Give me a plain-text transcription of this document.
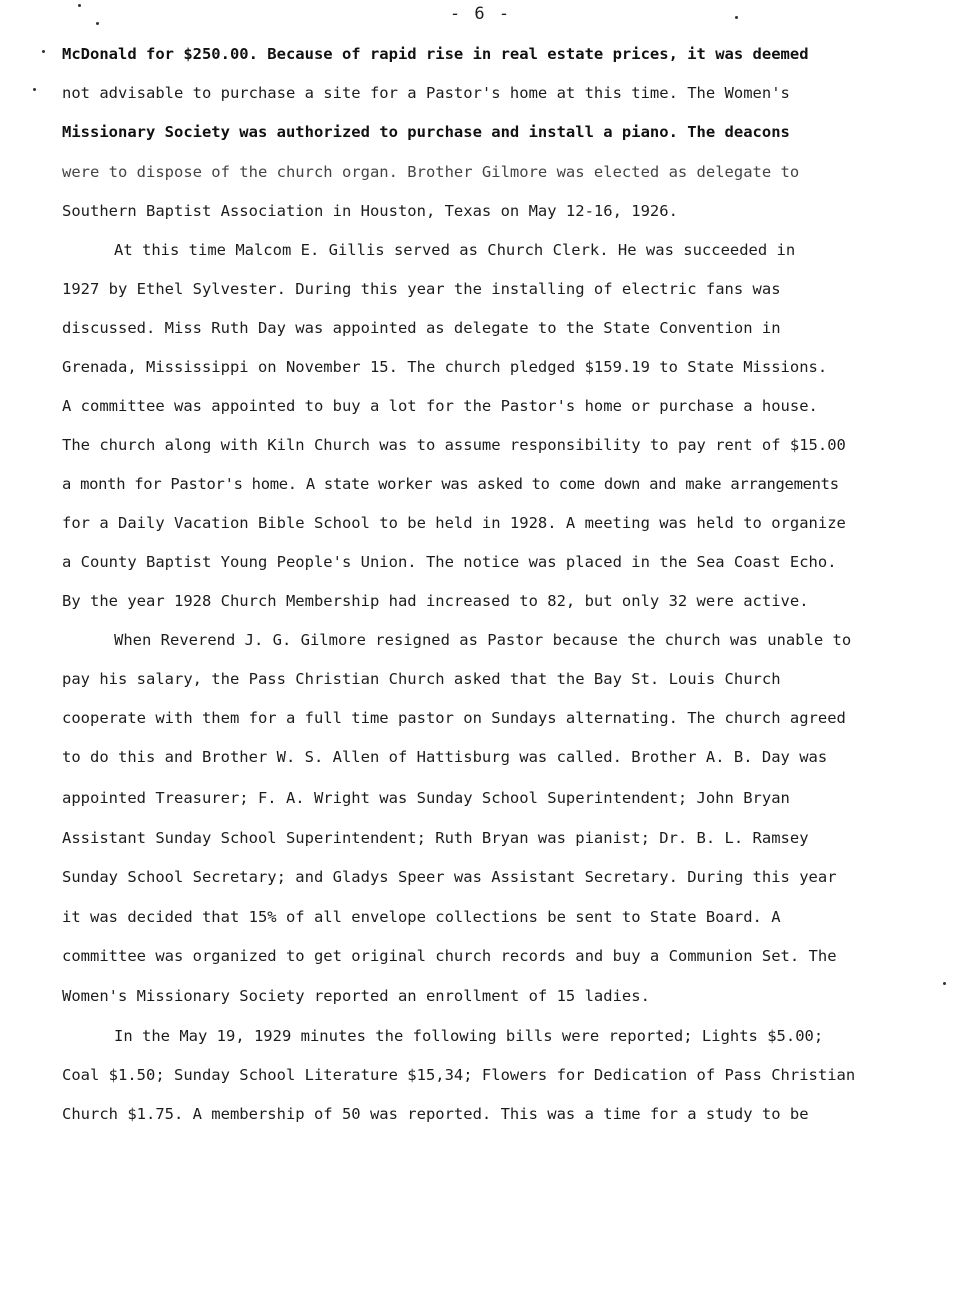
- 6 -
McDonald for $250.00. Because of rapid rise in real estate prices, it was deemed
not advisable to purchase a site for a Pastor's home at this time. The Women's
Missionary Society was authorized to purchase and install a piano. The deacons
were to dispose of the church organ. Brother Gilmore was elected as delegate to
Southern Baptist Association in Houston, Texas on May 12-16, 1926.
At this time Malcom E. Gillis served as Church Clerk. He was succeeded in
1927 by Ethel Sylvester. During this year the installing of electric fans was
discussed. Miss Ruth Day was appointed as delegate to the State Convention in
Grenada, Mississippi on November 15. The church pledged $159.19 to State Missions.
A committee was appointed to buy a lot for the Pastor's home or purchase a house.
The church along with Kiln Church was to assume responsibility to pay rent of $15.00
a month for Pastor's home. A state worker was asked to come down and make arrangements
for a Daily Vacation Bible School to be held in 1928. A meeting was held to organize
a County Baptist Young People's Union. The notice was placed in the Sea Coast Echo.
By the year 1928 Church Membership had increased to 82, but only 32 were active.
When Reverend J. G. Gilmore resigned as Pastor because the church was unable to
pay his salary, the Pass Christian Church asked that the Bay St. Louis Church
cooperate with them for a full time pastor on Sundays alternating. The church agreed
to do this and Brother W. S. Allen of Hattisburg was called. Brother A. B. Day was
appointed Treasurer; F. A. Wright was Sunday School Superintendent; John Bryan
Assistant Sunday School Superintendent; Ruth Bryan was pianist; Dr. B. L. Ramsey
Sunday School Secretary; and Gladys Speer was Assistant Secretary. During this year
it was decided that 15% of all envelope collections be sent to State Board. A
committee was organized to get original church records and buy a Communion Set. The
Women's Missionary Society reported an enrollment of 15 ladies.
In the May 19, 1929 minutes the following bills were reported; Lights $5.00;
Coal $1.50; Sunday School Literature $15,34; Flowers for Dedication of Pass Christian
Church $1.75. A membership of 50 was reported. This was a time for a study to be
